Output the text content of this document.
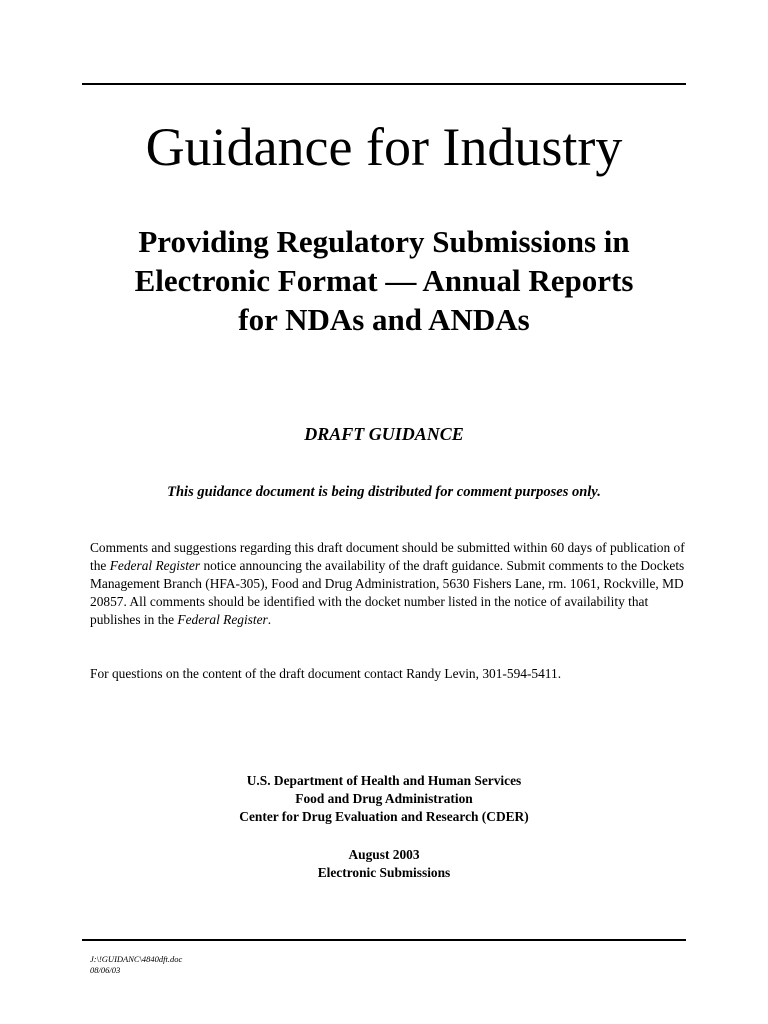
Guidance for Industry
Providing Regulatory Submissions in
Electronic Format — Annual Reports
for NDAs and ANDAs
DRAFT GUIDANCE
This guidance document is being distributed for comment purposes only.

Comments and suggestions regarding this draft document should be submitted within 60 days of publication of the Federal Register notice announcing the availability of the draft guidance. Submit comments to the Dockets Management Branch (HFA-305), Food and Drug Administration, 5630 Fishers Lane, rm. 1061, Rockville, MD 20857. All comments should be identified with the docket number listed in the notice of availability that publishes in the Federal Register.

For questions on the content of the draft document contact Randy Levin, 301-594-5411.

U.S. Department of Health and Human Services
Food and Drug Administration
Center for Drug Evaluation and Research (CDER)
August 2003
Electronic Submissions
J:\!GUIDANC\4840dft.doc
08/06/03
